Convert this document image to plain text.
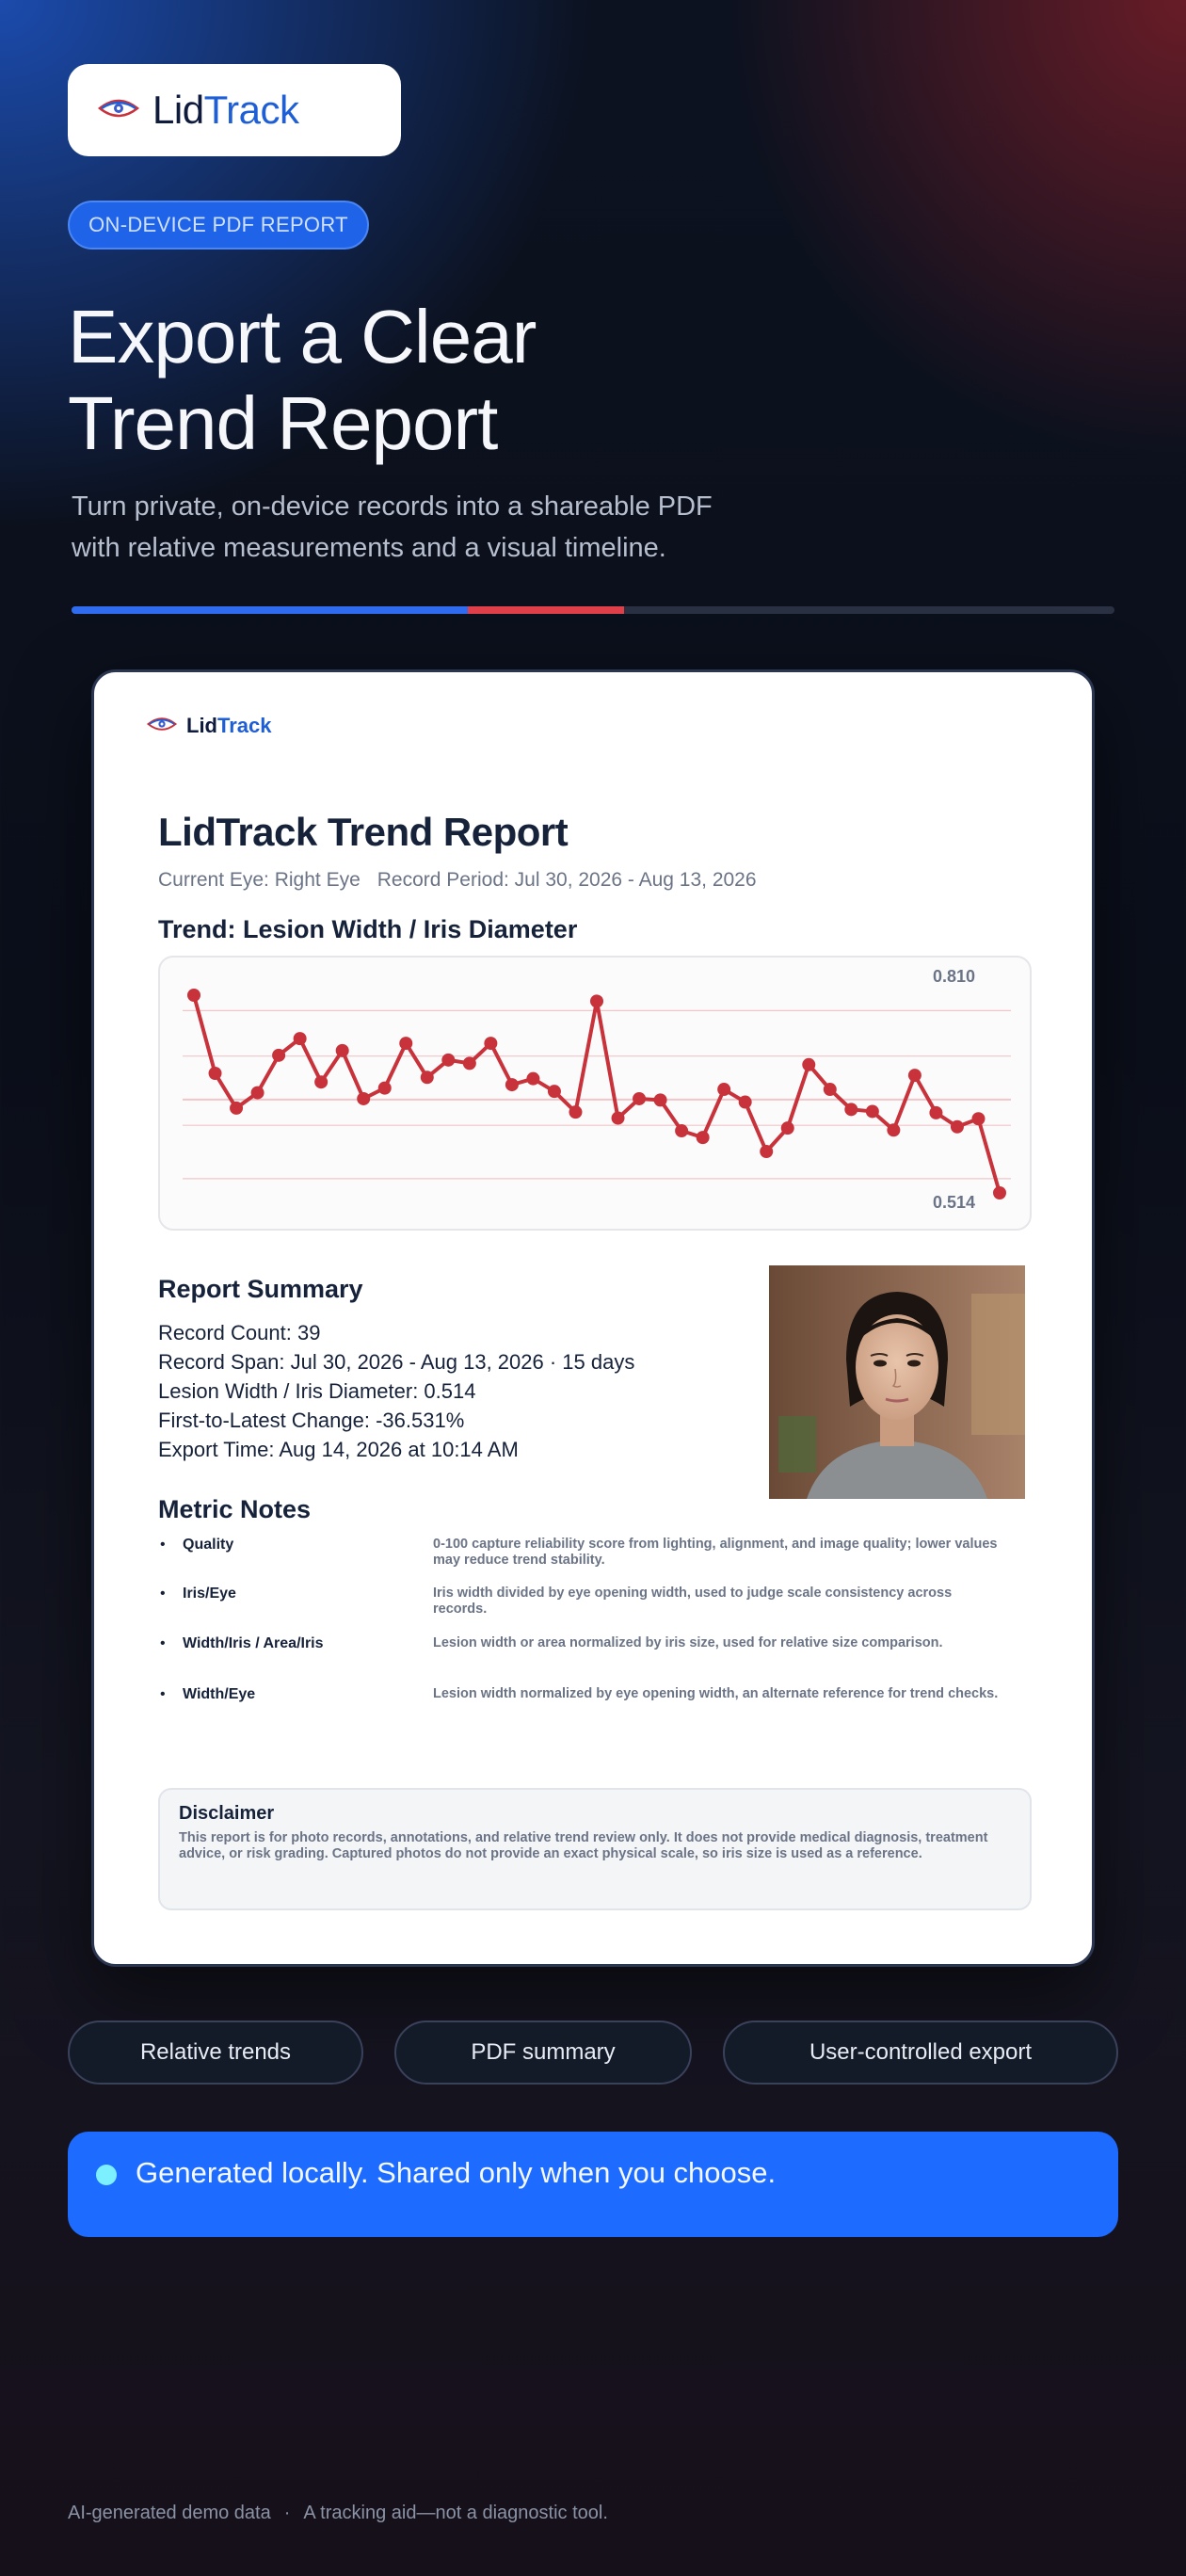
LidTrack
ON-DEVICE PDF REPORT
Export a Clear
Trend Report
Turn private, on-device records into a shareable PDF
with relative measurements and a visual timeline.
LidTrack
LidTrack Trend Report
Current Eye: Right Eye Record Period: Jul 30, 2026 - Aug 13, 2026
Trend: Lesion Width / Iris Diameter
0.810
0.514
Report Summary
Record Count: 39
Record Span: Jul 30, 2026 - Aug 13, 2026 · 15 days
Lesion Width / Iris Diameter: 0.514
First-to-Latest Change: -36.531%
Export Time: Aug 14, 2026 at 10:14 AM
Metric Notes
•	Quality	0-100 capture reliability score from lighting, alignment, and image quality; lower values may reduce trend stability.
•	Iris/Eye	Iris width divided by eye opening width, used to judge scale consistency across records.
•	Width/Iris / Area/Iris	Lesion width or area normalized by iris size, used for relative size comparison.
•	Width/Eye	Lesion width normalized by eye opening width, an alternate reference for trend checks.
Disclaimer
This report is for photo records, annotations, and relative trend review only. It does not provide medical diagnosis, treatment advice, or risk grading. Captured photos do not provide an exact physical scale, so iris size is used as a reference.
Relative trends	PDF summary	User-controlled export
Generated locally. Shared only when you choose.
AI-generated demo data · A tracking aid—not a diagnostic tool.
